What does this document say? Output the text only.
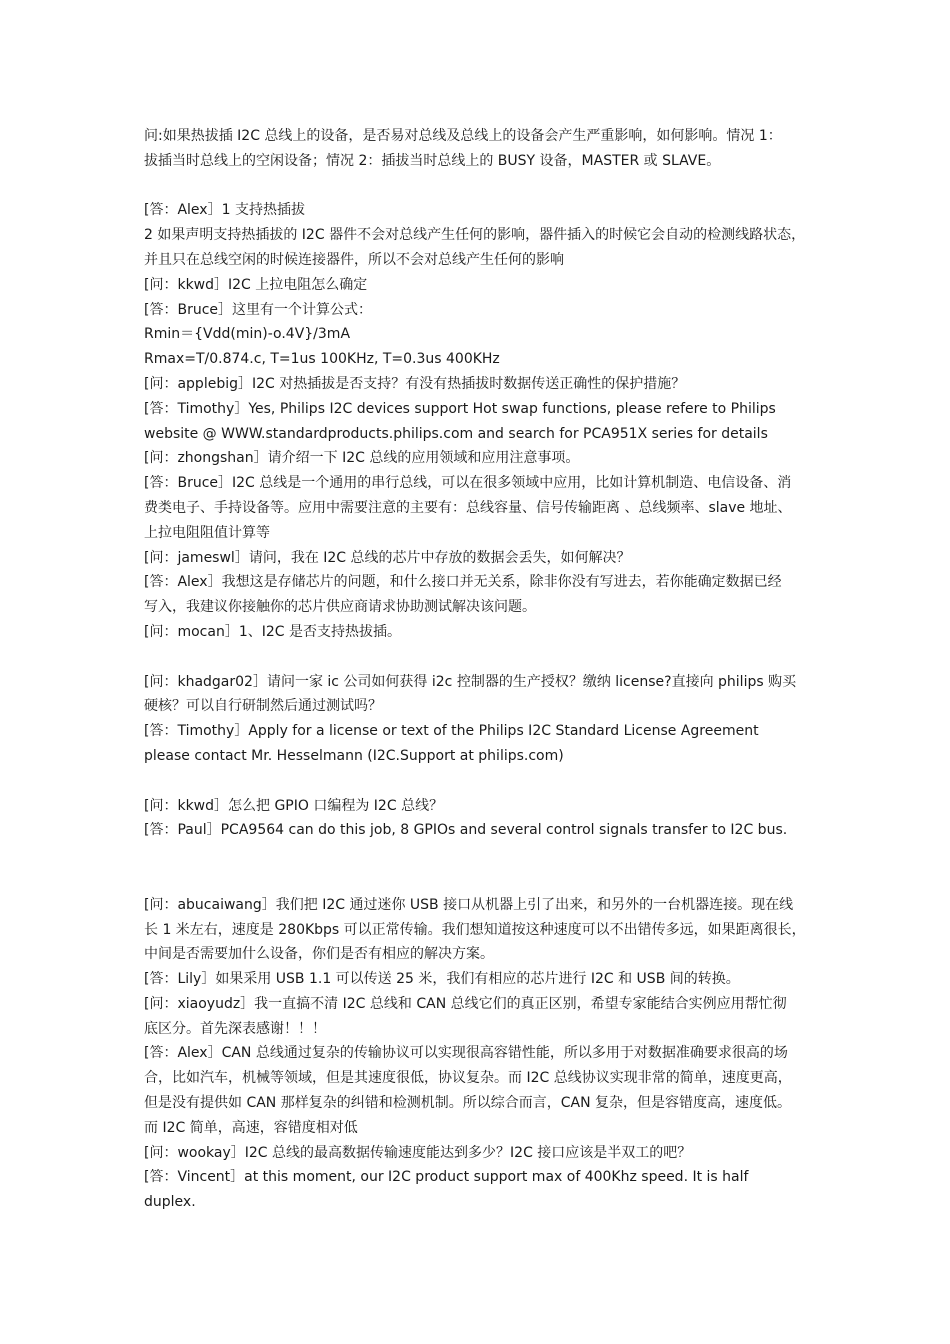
问:如果热拔插 I2C 总线上的设备，是否易对总线及总线上的设备会产生严重影响，如何影响。情况 1：
拔插当时总线上的空闲设备；情况 2：插拔当时总线上的 BUSY 设备，MASTER 或 SLAVE。
[答：Alex］1 支持热插拔
2 如果声明支持热插拔的 I2C 器件不会对总线产生任何的影响，器件插入的时候它会自动的检测线路状态，
并且只在总线空闲的时候连接器件，所以不会对总线产生任何的影响
[问：kkwd］I2C 上拉电阻怎么确定
[答：Bruce］这里有一个计算公式：
Rmin＝{Vdd(min)-o.4V}/3mA
Rmax=T/0.874.c, T=1us 100KHz, T=0.3us 400KHz
[问：applebig］I2C 对热插拔是否支持？有没有热插拔时数据传送正确性的保护措施？
[答：Timothy］Yes, Philips I2C devices support Hot swap functions, please refere to Philips
website @ WWW.standardproducts.philips.com and search for PCA951X series for details
[问：zhongshan］请介绍一下 I2C 总线的应用领域和应用注意事项。
[答：Bruce］I2C 总线是一个通用的串行总线，可以在很多领域中应用，比如计算机制造、电信设备、消
费类电子、手持设备等。应用中需要注意的主要有：总线容量、信号传输距离 、总线频率、slave 地址、
上拉电阻阻值计算等
[问：jameswl］请问，我在 I2C 总线的芯片中存放的数据会丢失，如何解决？
[答：Alex］我想这是存储芯片的问题，和什么接口并无关系，除非你没有写进去，若你能确定数据已经
写入，我建议你接触你的芯片供应商请求协助测试解决该问题。
[问：mocan］1、I2C 是否支持热拔插。
[问：khadgar02］请问一家 ic 公司如何获得 i2c 控制器的生产授权？缴纳 license?直接向 philips 购买
硬核？可以自行研制然后通过测试吗？
[答：Timothy］Apply for a license or text of the Philips I2C Standard License Agreement
please contact Mr. Hesselmann (I2C.Support at philips.com)
[问：kkwd］怎么把 GPIO 口编程为 I2C 总线？
[答：Paul］PCA9564 can do this job, 8 GPIOs and several control signals transfer to I2C bus.
[问：abucaiwang］我们把 I2C 通过迷你 USB 接口从机器上引了出来，和另外的一台机器连接。现在线
长 1 米左右，速度是 280Kbps 可以正常传输。我们想知道按这种速度可以不出错传多远，如果距离很长，
中间是否需要加什么设备，你们是否有相应的解决方案。
[答：Lily］如果采用 USB 1.1 可以传送 25 米，我们有相应的芯片进行 I2C 和 USB 间的转换。
[问：xiaoyudz］我一直搞不清 I2C 总线和 CAN 总线它们的真正区别，希望专家能结合实例应用帮忙彻
底区分。首先深表感谢！！！
[答：Alex］CAN 总线通过复杂的传输协议可以实现很高容错性能，所以多用于对数据准确要求很高的场
合，比如汽车，机械等领域，但是其速度很低，协议复杂。而 I2C 总线协议实现非常的简单，速度更高，
但是没有提供如 CAN 那样复杂的纠错和检测机制。所以综合而言，CAN 复杂，但是容错度高，速度低。
而 I2C 简单，高速，容错度相对低
[问：wookay］I2C 总线的最高数据传输速度能达到多少？I2C 接口应该是半双工的吧？
[答：Vincent］at this moment, our I2C product support max of 400Khz speed. It is half
duplex.
